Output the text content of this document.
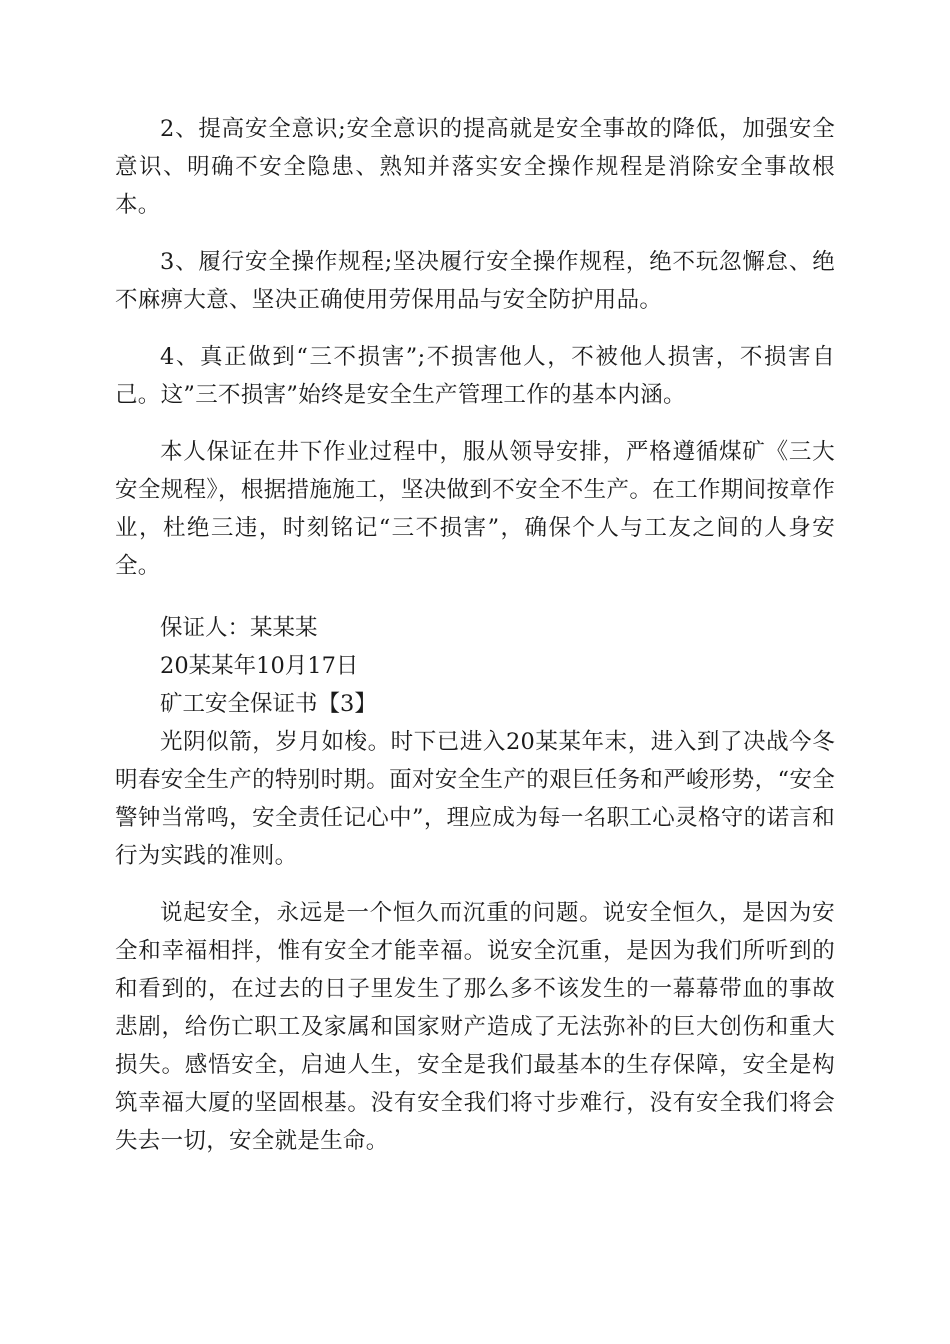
2、提高安全意识;安全意识的提高就是安全事故的降低，加强安全意识、明确不安全隐患、熟知并落实安全操作规程是消除安全事故根本。

3、履行安全操作规程;坚决履行安全操作规程，绝不玩忽懈怠、绝不麻痹大意、坚决正确使用劳保用品与安全防护用品。

4、真正做到“三不损害”;不损害他人，不被他人损害，不损害自己。这”三不损害”始终是安全生产管理工作的基本内涵。

本人保证在井下作业过程中，服从领导安排，严格遵循煤矿《三大安全规程》，根据措施施工，坚决做到不安全不生产。在工作期间按章作业，杜绝三违，时刻铭记“三不损害”，确保个人与工友之间的人身安全。

保证人：某某某

20某某年10月17日

矿工安全保证书【3】

光阴似箭，岁月如梭。时下已进入20某某年末，进入到了决战今冬明春安全生产的特别时期。面对安全生产的艰巨任务和严峻形势，“安全警钟当常鸣，安全责任记心中”，理应成为每一名职工心灵格守的诺言和行为实践的准则。

说起安全，永远是一个恒久而沉重的问题。说安全恒久，是因为安全和幸福相拌，惟有安全才能幸福。说安全沉重，是因为我们所听到的和看到的，在过去的日子里发生了那么多不该发生的一幕幕带血的事故悲剧，给伤亡职工及家属和国家财产造成了无法弥补的巨大创伤和重大损失。感悟安全，启迪人生，安全是我们最基本的生存保障，安全是构筑幸福大厦的坚固根基。没有安全我们将寸步难行，没有安全我们将会失去一切，安全就是生命。
